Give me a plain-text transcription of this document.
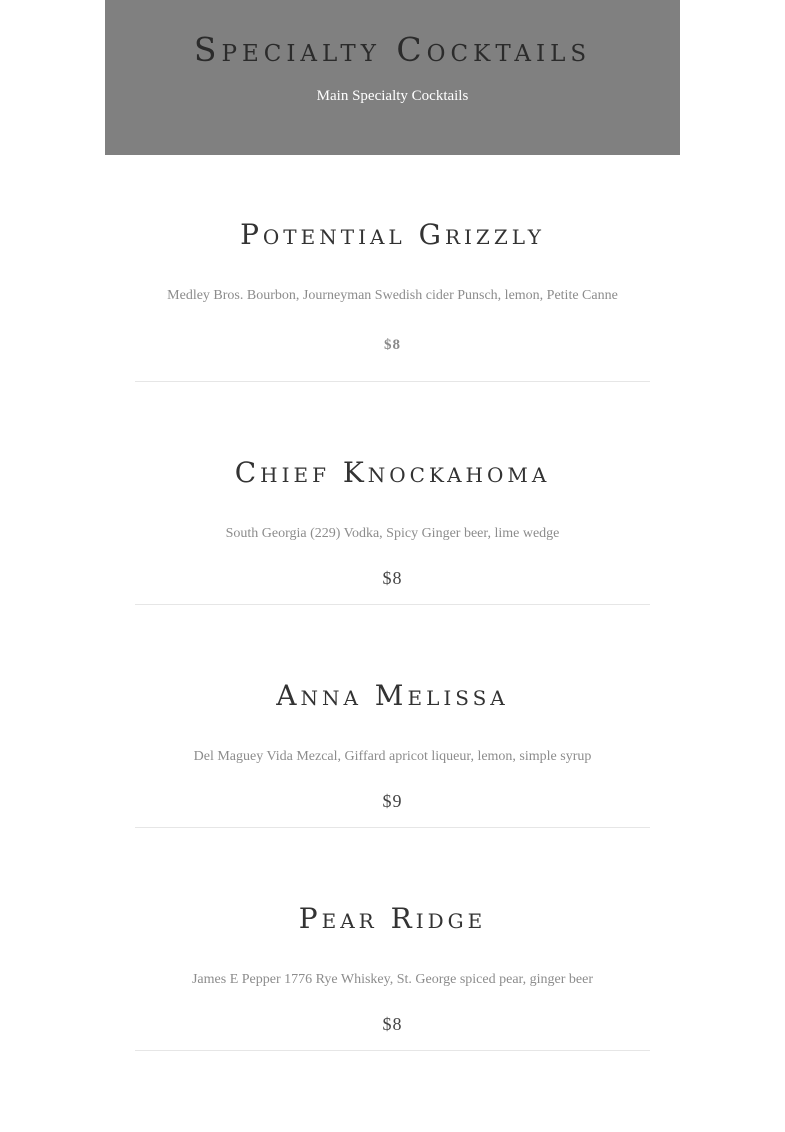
Specialty Cocktails

Main Specialty Cocktails

Potential Grizzly

Medley Bros. Bourbon, Journeyman Swedish cider Punsch, lemon, Petite Canne

$8

Chief Knockahoma

South Georgia (229) Vodka, Spicy Ginger beer, lime wedge

$8

Anna Melissa

Del Maguey Vida Mezcal, Giffard apricot liqueur, lemon, simple syrup

$9

Pear Ridge

James E Pepper 1776 Rye Whiskey, St. George spiced pear, ginger beer

$8
